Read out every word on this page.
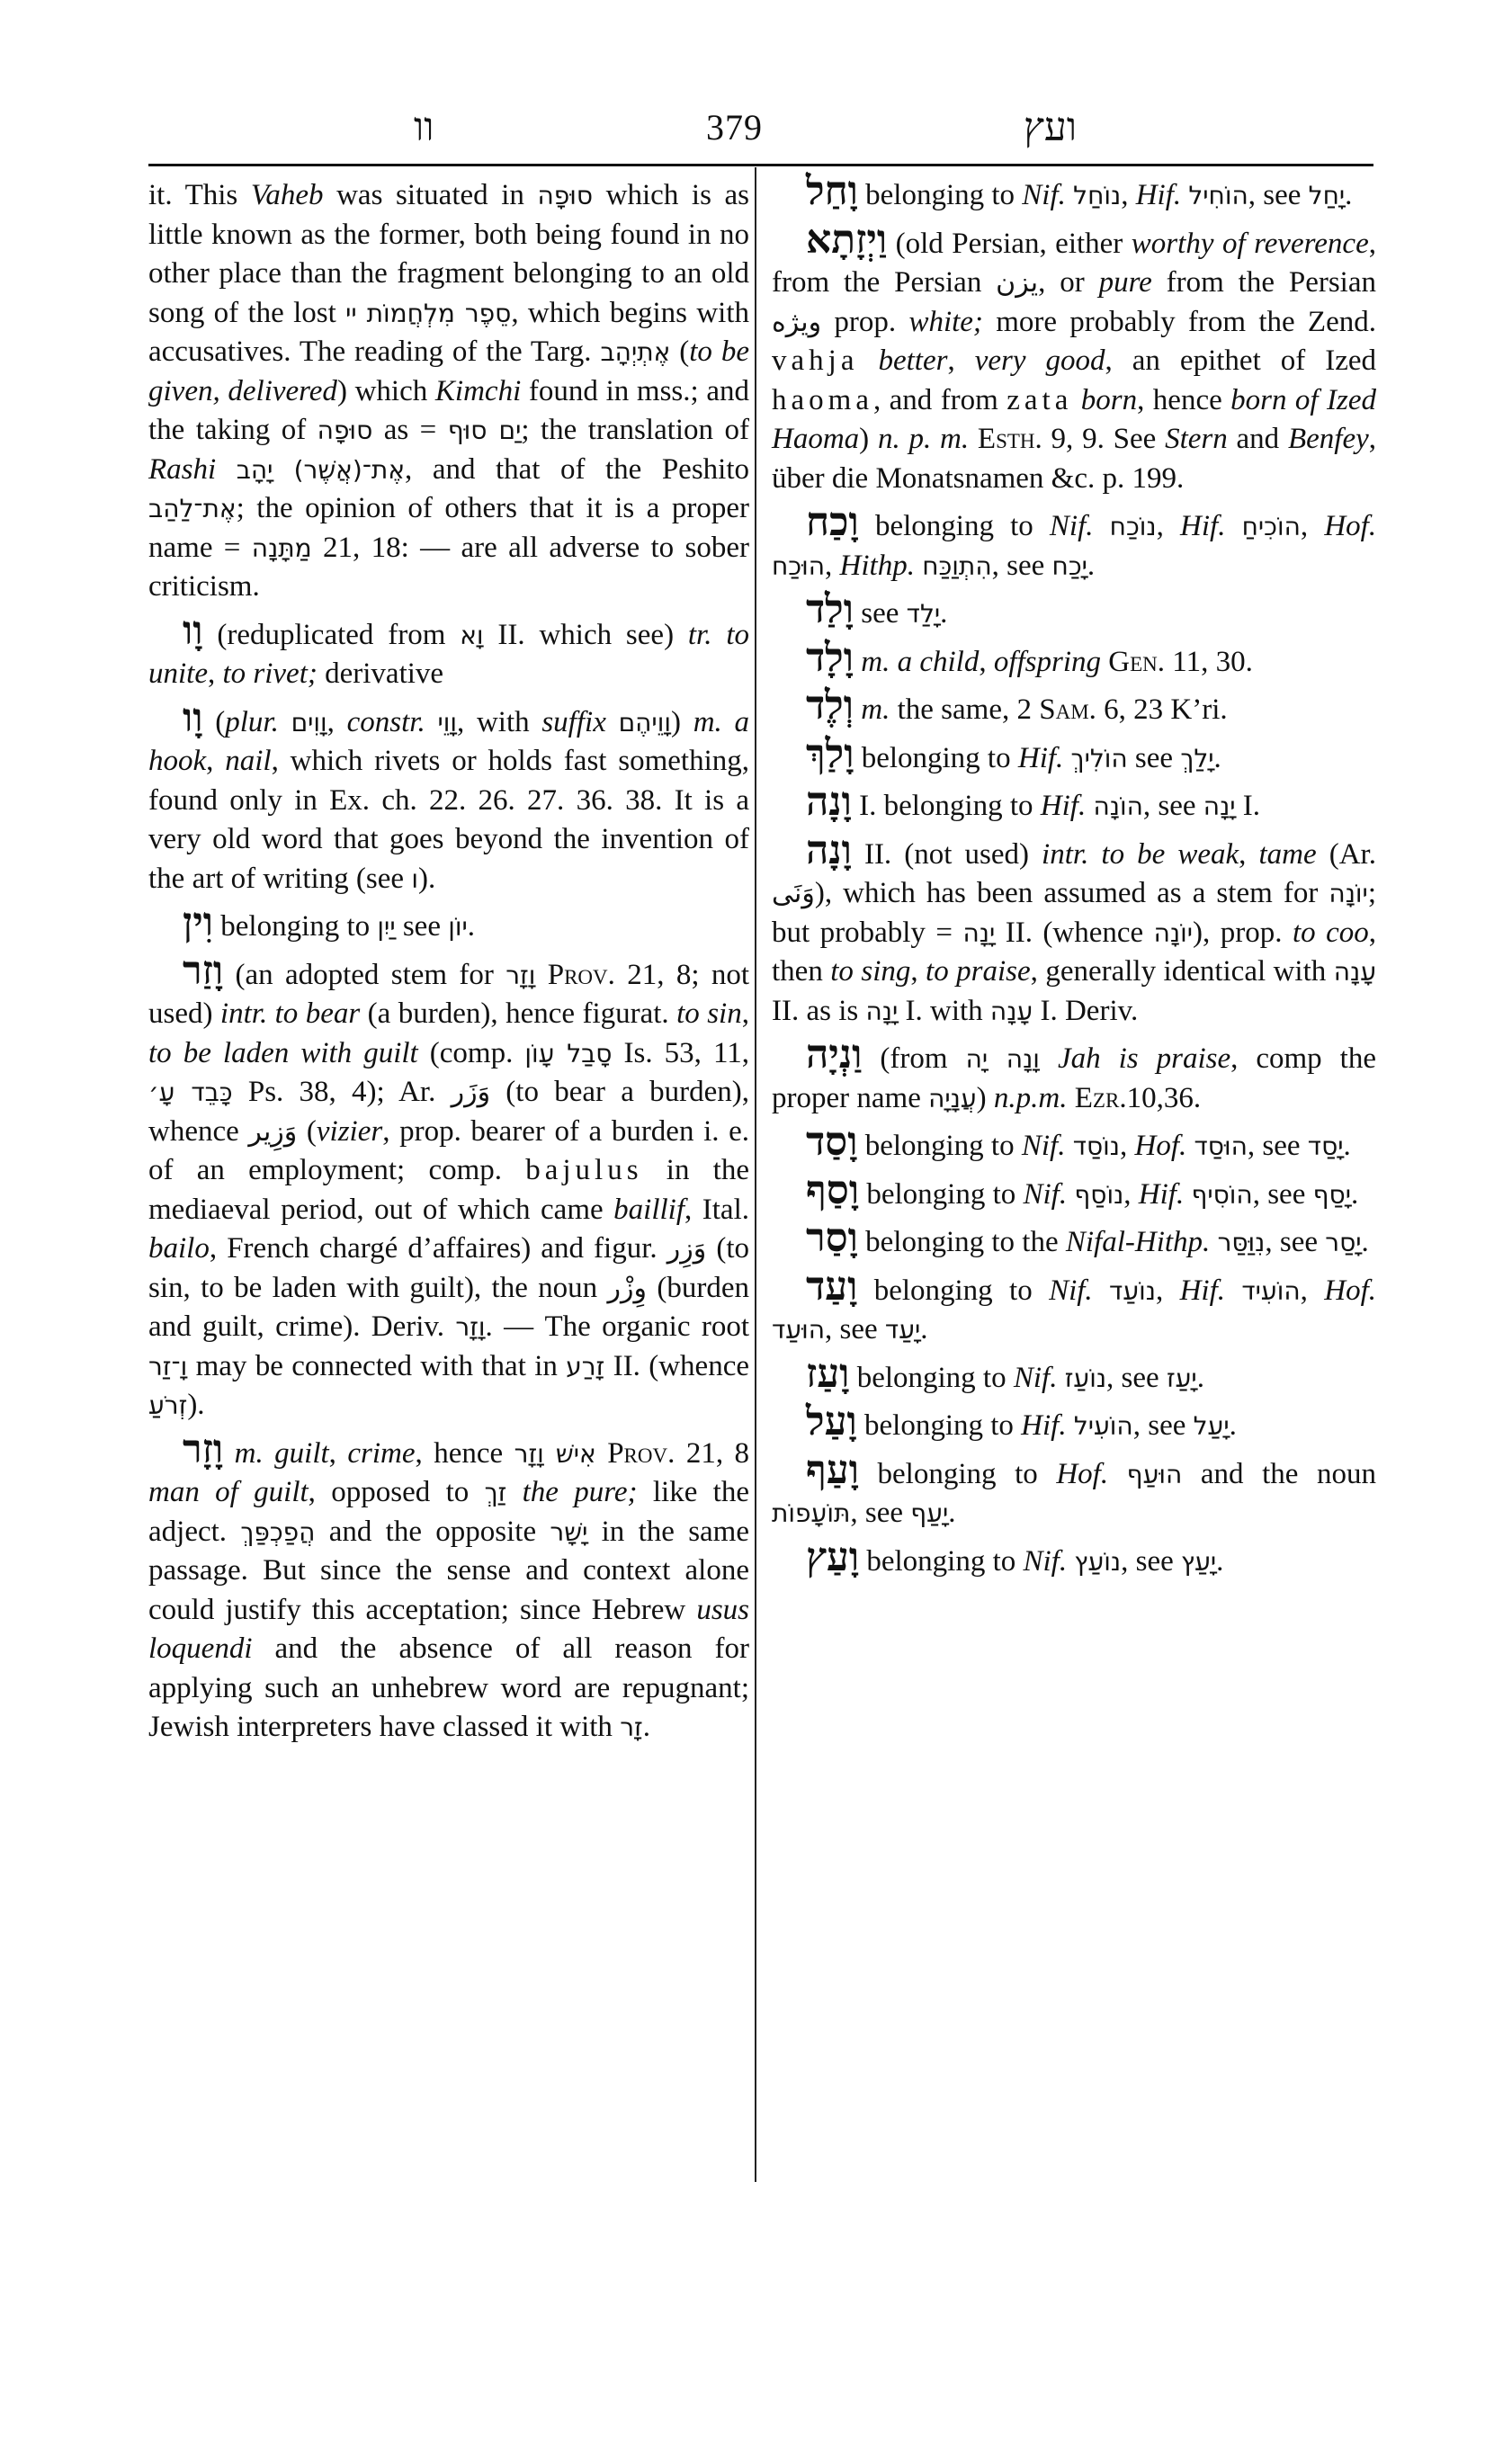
וו	379	ועץ

it. This Vaheb was situated in סוּפָה which is as little known as the former, both being found in no other place than the fragment belonging to an old song of the lost סֵפֶר מִלְחֲמוֹת יי, which begins with accusatives. The reading of the Targ. אֶתְיְהָב (to be given, delivered) which Kimchi found in mss.; and the taking of סוּפָה as = יַם סוּף; the translation of Rashi אֶת־(אֲשֶׁר) יָהָב, and that of the Peshito אֶת־לַהַב; the opinion of others that it is a proper name = מַתָּנָה 21, 18: — are all adverse to sober criticism.

וָו (reduplicated from וָא II. which see) tr. to unite, to rivet; derivative

וָו (plur. וָוִים, constr. וָוֵי, with suffix וָוֵיהֶם) m. a hook, nail, which rivets or holds fast something, found only in Ex. ch. 22. 26. 27. 36. 38. It is a very old word that goes beyond the invention of the art of writing (see ו).

וִין belonging to יַיִן see יוֹן.

וָזַר (an adopted stem for וָזָר Prov. 21, 8; not used) intr. to bear (a burden), hence figurat. to sin, to be laden with guilt (comp. סָבַל עָוֹן Is. 53, 11, כָּבֵד עָ׳ Ps. 38, 4); Ar. وَزَر (to bear a burden), whence وَزِير (vizier, prop. bearer of a burden i. e. of an employment; comp. bajulus in the mediaeval period, out of which came baillif, Ital. bailo, French chargé d’affaires) and figur. وَزِر (to sin, to be laden with guilt), the noun وِزْر (burden and guilt, crime). Deriv. וָזָר. — The organic root וָ־זַר may be connected with that in זָרַע II. (whence זְרֹעַ).

וָזָר m. guilt, crime, hence אִישׁ וָזָר Prov. 21, 8 man of guilt, opposed to זַךְ the pure; like the adject. הֲפַכְפַּךְ and the opposite יָשָׁר in the same passage. But since the sense and context alone could justify this acceptation; since Hebrew usus loquendi and the absence of all reason for applying such an unhebrew word are repugnant; Jewish interpreters have classed it with זָר.

וָחַל belonging to Nif. נוֹחַל, Hif. הוֹחִיל, see יָחַל.

וַיְזָתָא (old Persian, either worthy of reverence, from the Persian يزن, or pure from the Persian ويژه prop. white; more probably from the Zend. vahja better, very good, an epithet of Ized haoma, and from zata born, hence born of Ized Haoma) n. p. m. Esth. 9, 9. See Stern and Benfey, über die Monatsnamen &c. p. 199.

וָכַח belonging to Nif. נוֹכַח, Hif. הוֹכִיחַ, Hof. הוּכַח, Hithp. הִתְוַכַּח, see יָכַח.

וָלַד see יָלַד.

וָלָד m. a child, offspring Gen. 11, 30.

וְלֶד m. the same, 2 Sam. 6, 23 K’ri.

וָלַךְ belonging to Hif. הוֹלִיךְ see יָלַךְ.

וָנָה I. belonging to Hif. הוֹנָה, see יָנָה I.

וָנָה II. (not used) intr. to be weak, tame (Ar. وَنَى), which has been assumed as a stem for יוֹנָה; but probably = יָנָה II. (whence יוֹנָה), prop. to coo, then to sing, to praise, generally identical with עָנָה II. as is יָנָה I. with עָנָה I. Deriv.

וַנְיָה (from וָנָה יָה Jah is praise, comp the proper name עֲנָיָה) n.p.m. Ezr.10,36.

וָסַד belonging to Nif. נוֹסַד, Hof. הוּסַד, see יָסַד.

וָסַף belonging to Nif. נוֹסַף, Hif. הוֹסִיף, see יָסַף.

וָסַר belonging to the Nifal-Hithp. נִוַּסַּר, see יָסַר.

וָעַד belonging to Nif. נוֹעַד, Hif. הוֹעִיד, Hof. הוּעַד, see יָעַד.

וָעַז belonging to Nif. נוֹעַז, see יָעַז.

וָעַל belonging to Hif. הוֹעִיל, see יָעַל.

וָעַף belonging to Hof. הוּעַף and the noun תּוֹעָפוֹת, see יָעַף.

וָעַץ belonging to Nif. נוֹעַץ, see יָעַץ.
